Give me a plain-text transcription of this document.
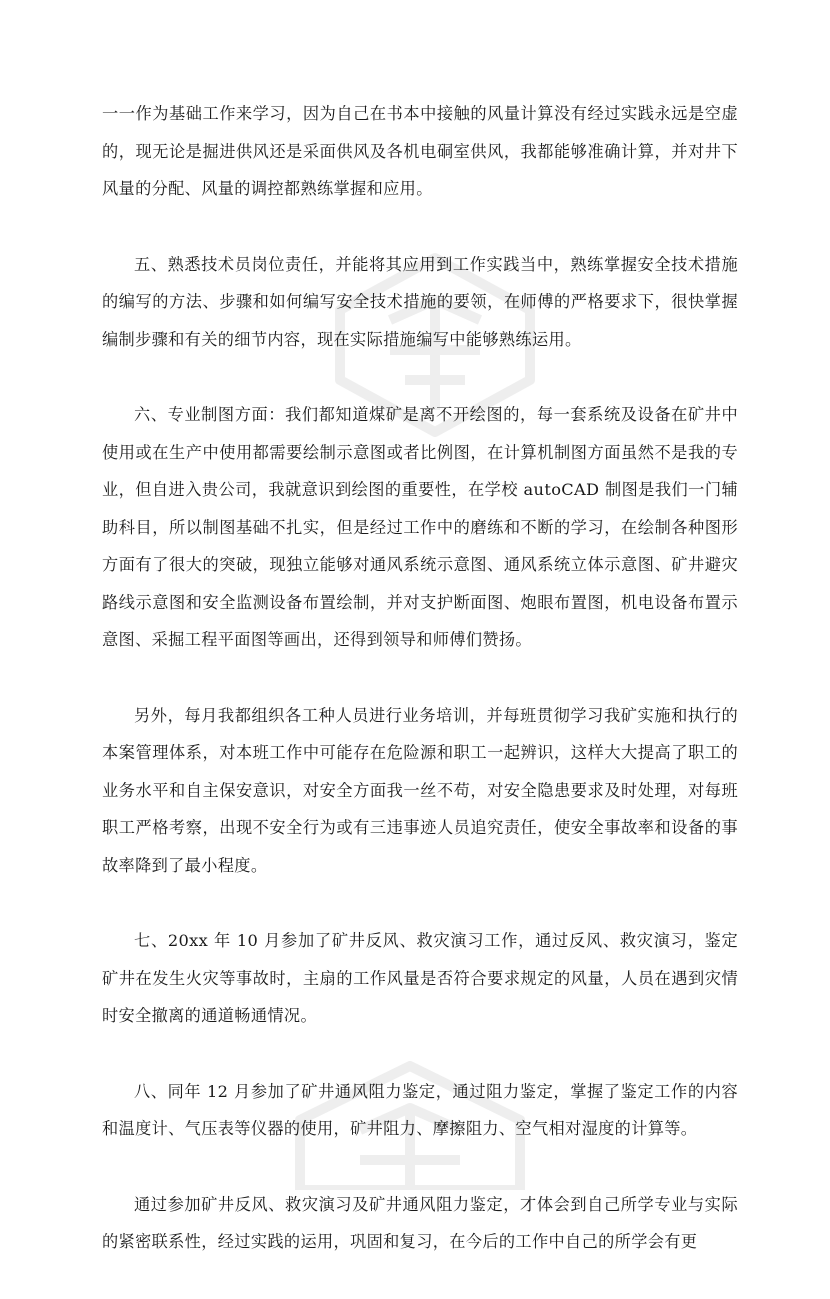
一一作为基础工作来学习，因为自己在书本中接触的风量计算没有经过实践永远是空虚的，现无论是掘进供风还是采面供风及各机电硐室供风，我都能够准确计算，并对井下风量的分配、风量的调控都熟练掌握和应用。

五、熟悉技术员岗位责任，并能将其应用到工作实践当中，熟练掌握安全技术措施的编写的方法、步骤和如何编写安全技术措施的要领，在师傅的严格要求下，很快掌握编制步骤和有关的细节内容，现在实际措施编写中能够熟练运用。

六、专业制图方面：我们都知道煤矿是离不开绘图的，每一套系统及设备在矿井中使用或在生产中使用都需要绘制示意图或者比例图，在计算机制图方面虽然不是我的专业，但自进入贵公司，我就意识到绘图的重要性，在学校 autoCAD 制图是我们一门辅助科目，所以制图基础不扎实，但是经过工作中的磨练和不断的学习，在绘制各种图形方面有了很大的突破，现独立能够对通风系统示意图、通风系统立体示意图、矿井避灾路线示意图和安全监测设备布置绘制，并对支护断面图、炮眼布置图，机电设备布置示意图、采掘工程平面图等画出，还得到领导和师傅们赞扬。

另外，每月我都组织各工种人员进行业务培训，并每班贯彻学习我矿实施和执行的本案管理体系，对本班工作中可能存在危险源和职工一起辨识，这样大大提高了职工的业务水平和自主保安意识，对安全方面我一丝不苟，对安全隐患要求及时处理，对每班职工严格考察，出现不安全行为或有三违事迹人员追究责任，使安全事故率和设备的事故率降到了最小程度。

七、20xx 年 10 月参加了矿井反风、救灾演习工作，通过反风、救灾演习，鉴定矿井在发生火灾等事故时，主扇的工作风量是否符合要求规定的风量，人员在遇到灾情时安全撤离的通道畅通情况。

八、同年 12 月参加了矿井通风阻力鉴定，通过阻力鉴定，掌握了鉴定工作的内容和温度计、气压表等仪器的使用，矿井阻力、摩擦阻力、空气相对湿度的计算等。

通过参加矿井反风、救灾演习及矿井通风阻力鉴定，才体会到自己所学专业与实际的紧密联系性，经过实践的运用，巩固和复习，在今后的工作中自己的所学会有更
